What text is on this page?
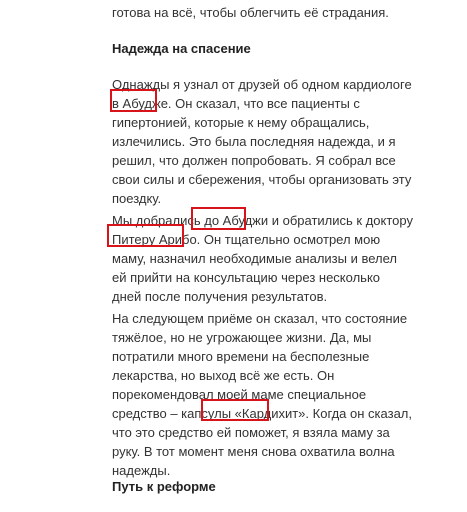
готова на всё, чтобы облегчить её страдания.
Надежда на спасение
Однажды я узнал от друзей об одном кардиологе
в Абудже. Он сказал, что все пациенты с
гипертонией, которые к нему обращались,
излечились. Это была последняя надежда, и я
решил, что должен попробовать. Я собрал все
свои силы и сбережения, чтобы организовать эту
поездку.
Мы добрались до Абуджи и обратились к доктору
Питеру Арибо. Он тщательно осмотрел мою
маму, назначил необходимые анализы и велел
ей прийти на консультацию через несколько
дней после получения результатов.
На следующем приёме он сказал, что состояние
тяжёлое, но не угрожающее жизни. Да, мы
потратили много времени на бесполезные
лекарства, но выход всё же есть. Он
порекомендовал моей маме специальное
средство – капсулы «Кардихит». Когда он сказал,
что это средство ей поможет, я взяла маму за
руку. В тот момент меня снова охватила волна
надежды.
Путь к реформе
